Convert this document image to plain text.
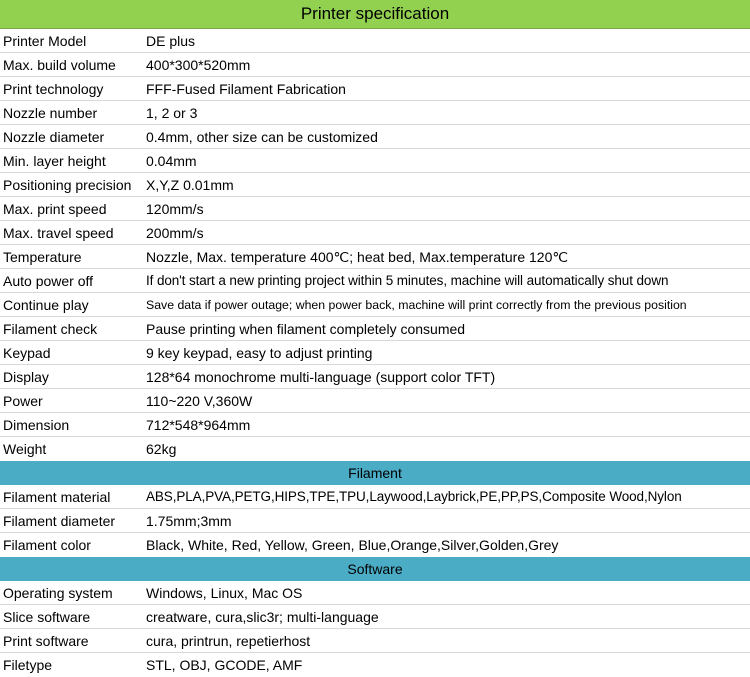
Printer specification
Printer Model	DE plus
Max. build volume	400*300*520mm
Print technology	FFF-Fused Filament Fabrication
Nozzle number	1, 2 or 3
Nozzle diameter	0.4mm, other size can be customized
Min. layer height	0.04mm
Positioning precision	X,Y,Z 0.01mm
Max. print speed	120mm/s
Max. travel speed	200mm/s
Temperature	Nozzle, Max. temperature 400℃; heat bed, Max.temperature 120℃
Auto power off	If don't start a new printing project within 5 minutes, machine will automatically shut down
Continue play	Save data if power outage; when power back, machine will print correctly from the previous position
Filament check	Pause printing when filament completely consumed
Keypad	9 key keypad, easy to adjust printing
Display	128*64 monochrome multi-language (support color TFT)
Power	110~220 V,360W
Dimension	712*548*964mm
Weight	62kg
Filament
Filament material	ABS,PLA,PVA,PETG,HIPS,TPE,TPU,Laywood,Laybrick,PE,PP,PS,Composite Wood,Nylon
Filament diameter	1.75mm;3mm
Filament color	Black, White, Red, Yellow, Green, Blue,Orange,Silver,Golden,Grey
Software
Operating system	Windows, Linux, Mac OS
Slice software	creatware, cura,slic3r; multi-language
Print software	cura, printrun, repetierhost
Filetype	STL, OBJ, GCODE, AMF
